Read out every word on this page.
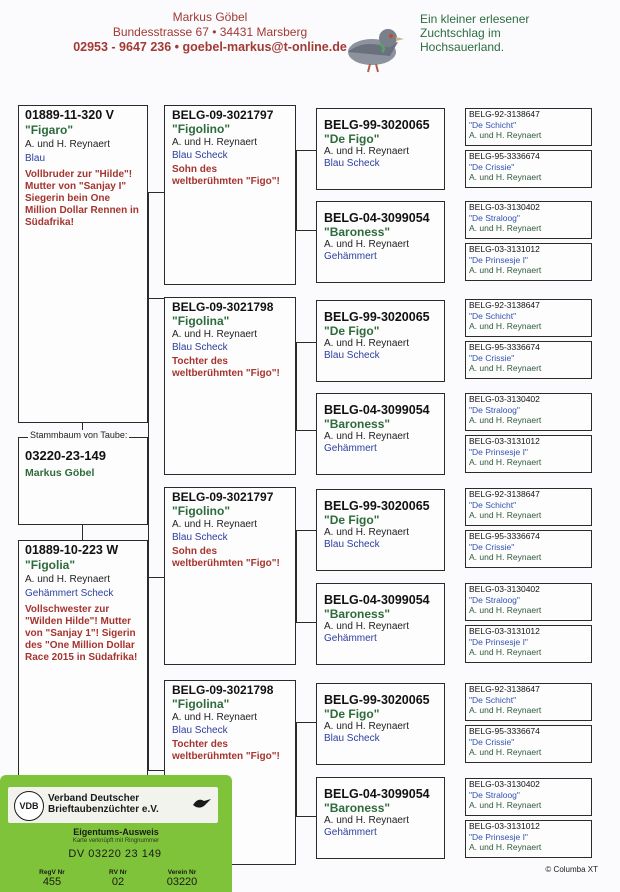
Markus Göbel
Bundesstrasse 67 • 34431 Marsberg
02953 - 9647 236 • goebel-markus@t-online.de
Ein kleiner erlesener
Zuchtschlag im
Hochsauerland.
01889-11-320 V
"Figaro"
A. und H. Reynaert
Blau
Vollbruder zur "Hilde"! Mutter von "Sanjay I" Siegerin bein One Million Dollar Rennen in Südafrika!
03220-23-149
Markus Göbel
Stammbaum von Taube:
01889-10-223 W
"Figolia"
A. und H. Reynaert
Gehämmert Scheck
Vollschwester zur "Wilden Hilde"! Mutter von "Sanjay 1"! Sigerin des "One Million Dollar Race 2015 in Südafrika!
BELG-09-3021797
"Figolino"
A. und H. Reynaert
Blau Scheck
Sohn des weltberühmten "Figo"!
BELG-09-3021798
"Figolina"
A. und H. Reynaert
Blau Scheck
Tochter des weltberühmten "Figo"!
BELG-09-3021797
"Figolino"
A. und H. Reynaert
Blau Scheck
Sohn des weltberühmten "Figo"!
BELG-09-3021798
"Figolina"
A. und H. Reynaert
Blau Scheck
Tochter des weltberühmten "Figo"!
BELG-99-3020065
"De Figo"
A. und H. Reynaert
Blau Scheck
BELG-04-3099054
"Baroness"
A. und H. Reynaert
Gehämmert
BELG-99-3020065
"De Figo"
A. und H. Reynaert
Blau Scheck
BELG-04-3099054
"Baroness"
A. und H. Reynaert
Gehämmert
BELG-99-3020065
"De Figo"
A. und H. Reynaert
Blau Scheck
BELG-04-3099054
"Baroness"
A. und H. Reynaert
Gehämmert
BELG-99-3020065
"De Figo"
A. und H. Reynaert
Blau Scheck
BELG-04-3099054
"Baroness"
A. und H. Reynaert
Gehämmert
BELG-92-3138647
"De Schicht"
A. und H. Reynaert
BELG-95-3336674
"De Crissie"
A. und H. Reynaert
BELG-03-3130402
"De Straloog"
A. und H. Reynaert
BELG-03-3131012
"De Prinsesje I"
A. und H. Reynaert
BELG-92-3138647
"De Schicht"
A. und H. Reynaert
BELG-95-3336674
"De Crissie"
A. und H. Reynaert
BELG-03-3130402
"De Straloog"
A. und H. Reynaert
BELG-03-3131012
"De Prinsesje I"
A. und H. Reynaert
BELG-92-3138647
"De Schicht"
A. und H. Reynaert
BELG-95-3336674
"De Crissie"
A. und H. Reynaert
BELG-03-3130402
"De Straloog"
A. und H. Reynaert
BELG-03-3131012
"De Prinsesje I"
A. und H. Reynaert
BELG-92-3138647
"De Schicht"
A. und H. Reynaert
BELG-95-3336674
"De Crissie"
A. und H. Reynaert
BELG-03-3130402
"De Straloog"
A. und H. Reynaert
BELG-03-3131012
"De Prinsesje I"
A. und H. Reynaert
© Columba XT
VDB
Verband Deutscher
Brieftaubenzüchter e.V.
Eigentums-Ausweis
Karte verknüpft mit Ringnummer
DV 03220 23 149
RegV Nr
455
RV Nr
02
Verein Nr
03220
